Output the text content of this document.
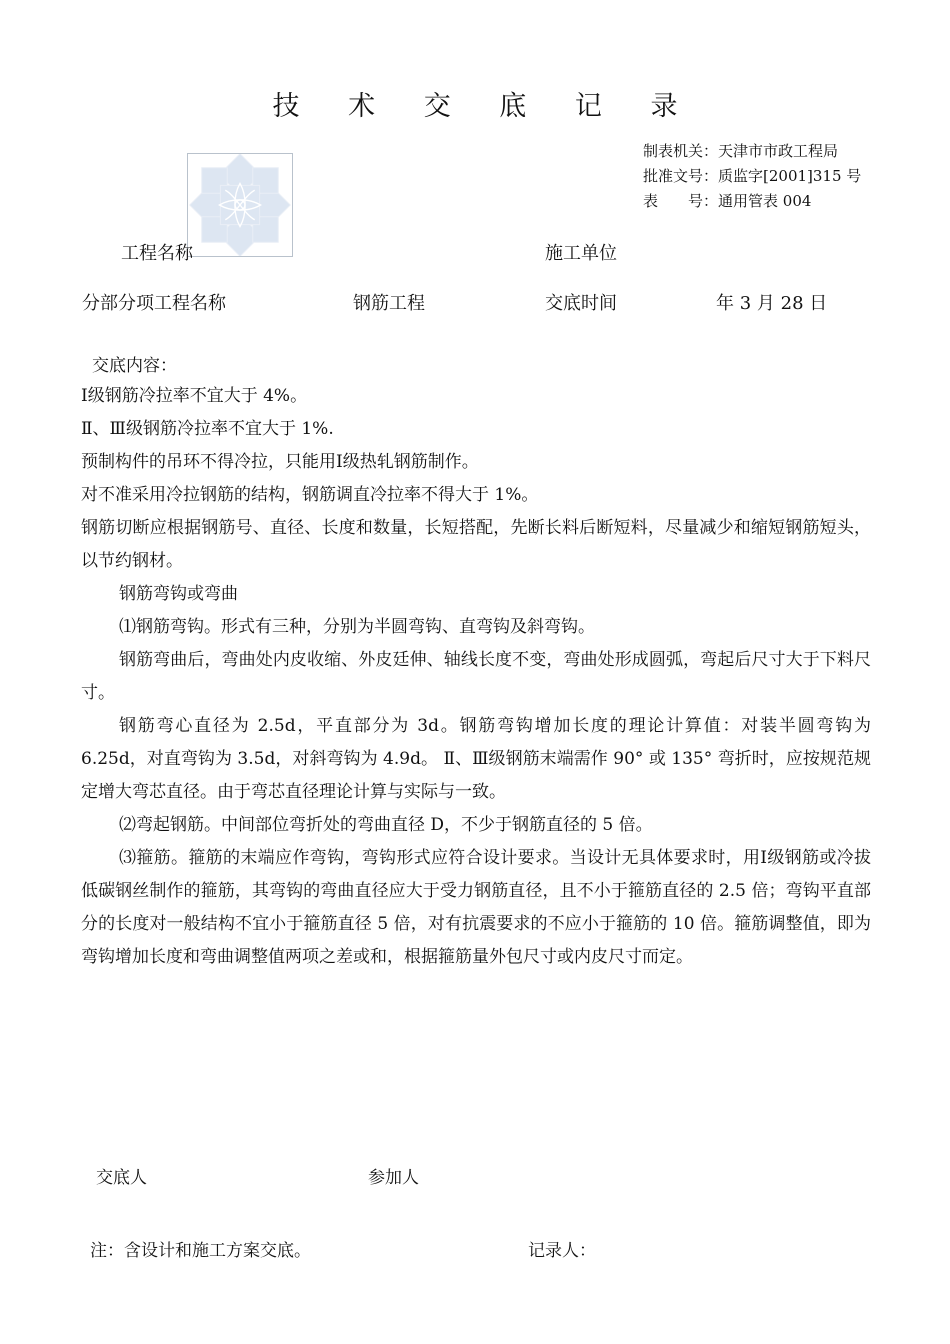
技 术 交 底 记 录
制表机关：天津市市政工程局
批准文号：质监字[2001]315 号
表　　号：通用管表 004
工程名称	施工单位
分部分项工程名称	钢筋工程	交底时间	年 3 月 28 日
交底内容：

Ⅰ级钢筋冷拉率不宜大于 4%。

Ⅱ、Ⅲ级钢筋冷拉率不宜大于 1%.

预制构件的吊环不得冷拉，只能用Ⅰ级热轧钢筋制作。

对不准采用冷拉钢筋的结构，钢筋调直冷拉率不得大于 1%。

钢筋切断应根据钢筋号、直径、长度和数量，长短搭配，先断长料后断短料，尽量减少和缩短钢筋短头，以节约钢材。

钢筋弯钩或弯曲

⑴钢筋弯钩。形式有三种，分别为半圆弯钩、直弯钩及斜弯钩。

钢筋弯曲后，弯曲处内皮收缩、外皮廷伸、轴线长度不变，弯曲处形成圆弧，弯起后尺寸大于下料尺寸。

钢筋弯心直径为 2.5d，平直部分为 3d。钢筋弯钩增加长度的理论计算值：对装半圆弯钩为 6.25d，对直弯钩为 3.5d，对斜弯钩为 4.9d。 Ⅱ、Ⅲ级钢筋末端需作 90° 或 135° 弯折时，应按规范规定增大弯芯直径。由于弯芯直径理论计算与实际与一致。

⑵弯起钢筋。中间部位弯折处的弯曲直径 D，不少于钢筋直径的 5 倍。

⑶箍筋。箍筋的末端应作弯钩，弯钩形式应符合设计要求。当设计无具体要求时，用Ⅰ级钢筋或冷拔低碳钢丝制作的箍筋，其弯钩的弯曲直径应大于受力钢筋直径，且不小于箍筋直径的 2.5 倍；弯钩平直部分的长度对一般结构不宜小于箍筋直径 5 倍，对有抗震要求的不应小于箍筋的 10 倍。箍筋调整值，即为弯钩增加长度和弯曲调整值两项之差或和，根据箍筋量外包尺寸或内皮尺寸而定。

交底人	参加人
注：含设计和施工方案交底。	记录人：
